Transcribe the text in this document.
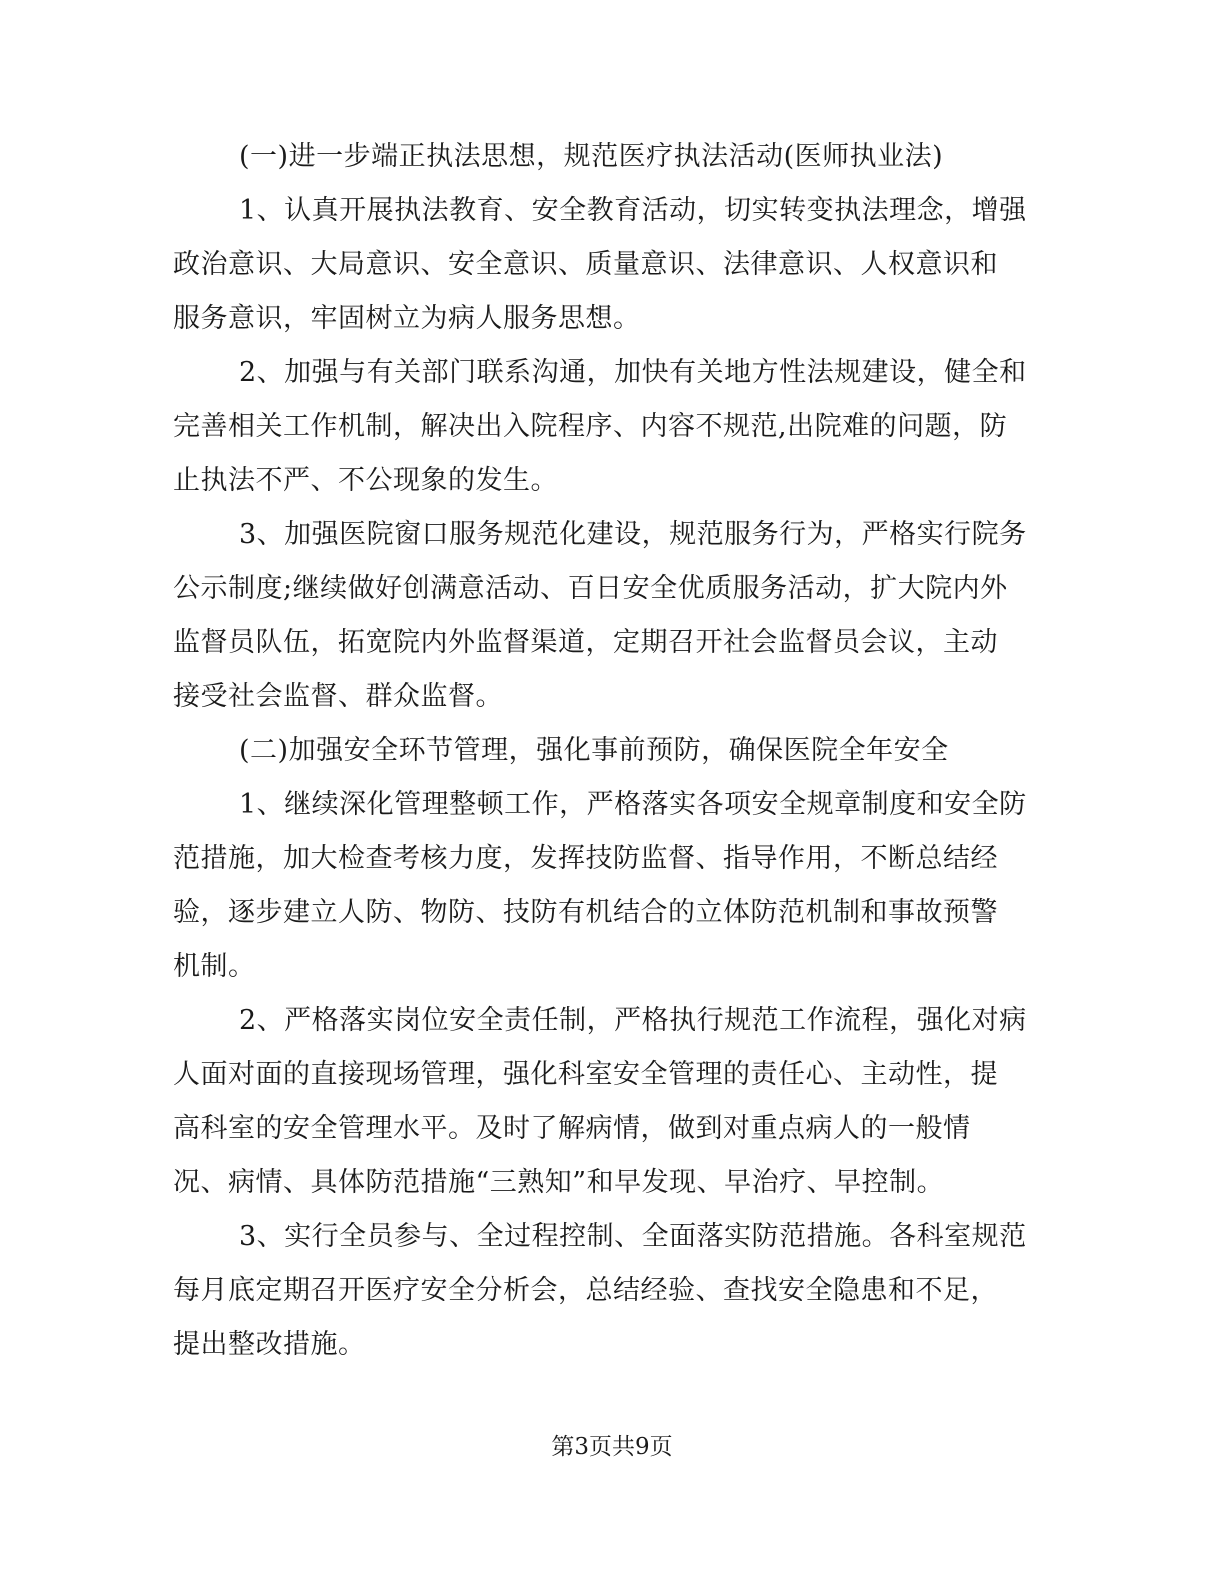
(一)进一步端正执法思想，规范医疗执法活动(医师执业法)
1、认真开展执法教育、安全教育活动，切实转变执法理念，增强
政治意识、大局意识、安全意识、质量意识、法律意识、人权意识和
服务意识，牢固树立为病人服务思想。
2、加强与有关部门联系沟通，加快有关地方性法规建设，健全和
完善相关工作机制，解决出入院程序、内容不规范,出院难的问题，防
止执法不严、不公现象的发生。
3、加强医院窗口服务规范化建设，规范服务行为，严格实行院务
公示制度;继续做好创满意活动、百日安全优质服务活动，扩大院内外
监督员队伍，拓宽院内外监督渠道，定期召开社会监督员会议，主动
接受社会监督、群众监督。
(二)加强安全环节管理，强化事前预防，确保医院全年安全
1、继续深化管理整顿工作，严格落实各项安全规章制度和安全防
范措施，加大检查考核力度，发挥技防监督、指导作用，不断总结经
验，逐步建立人防、物防、技防有机结合的立体防范机制和事故预警
机制。
2、严格落实岗位安全责任制，严格执行规范工作流程，强化对病
人面对面的直接现场管理，强化科室安全管理的责任心、主动性，提
高科室的安全管理水平。及时了解病情，做到对重点病人的一般情
况、病情、具体防范措施“三熟知”和早发现、早治疗、早控制。
3、实行全员参与、全过程控制、全面落实防范措施。各科室规范
每月底定期召开医疗安全分析会，总结经验、查找安全隐患和不足，
提出整改措施。
第3页共9页
